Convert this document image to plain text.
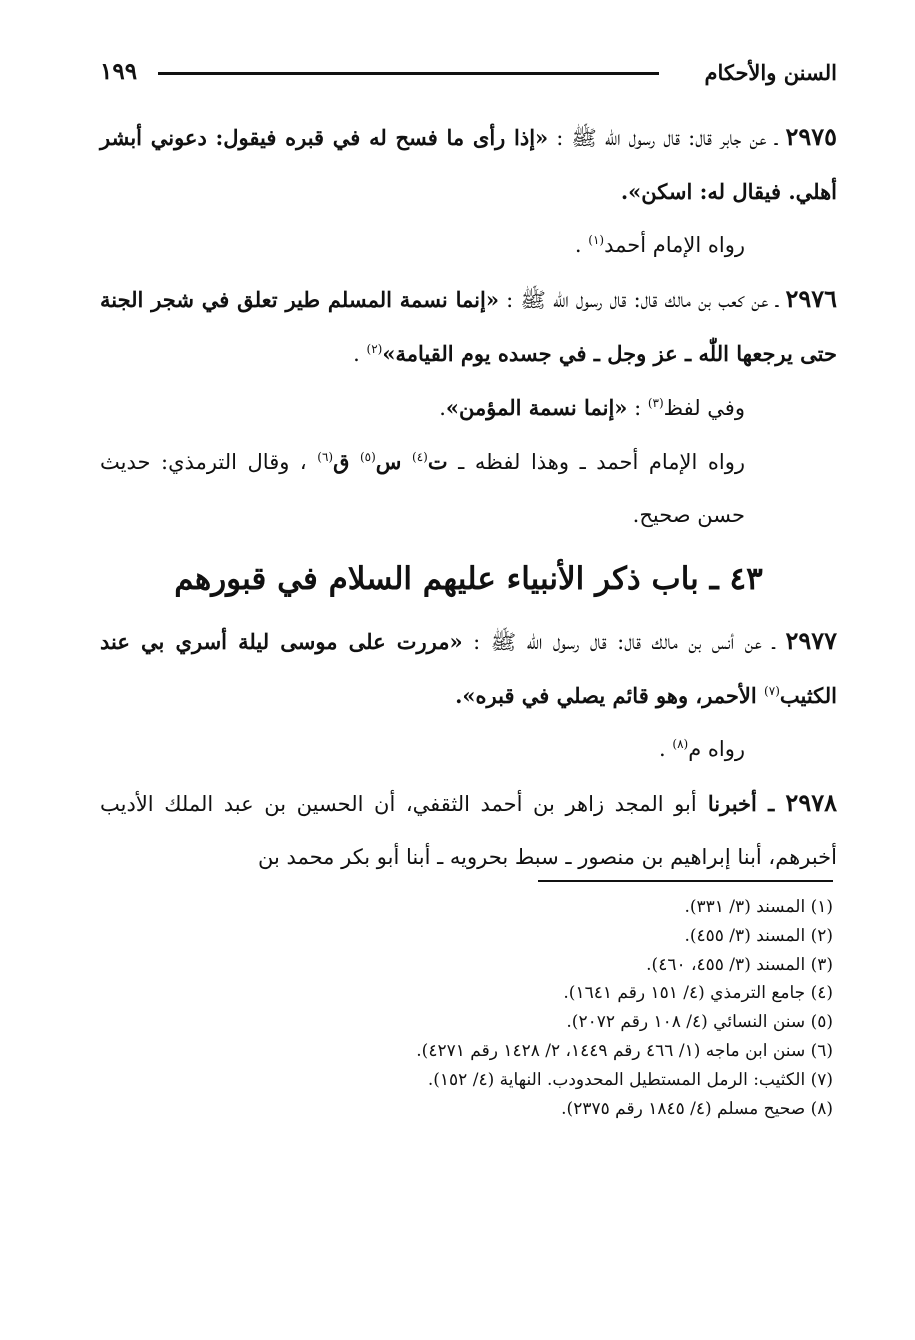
السنن والأحكام
١٩٩

٢٩٧٥ ـ عن جابر قال: قال رسول اللّٰه ﷺ : «إذا رأى ما فسح له في قبره فيقول: دعوني أبشر أهلي. فيقال له: اسكن».

رواه الإمام أحمد$^{(١)}$ .

٢٩٧٦ ـ عن كعب بن مالك قال: قال رسول اللّٰه ﷺ : «إنما نسمة المسلم طير تعلق في شجر الجنة حتى يرجعها اللّٰه ـ عز وجل ـ في جسده يوم القيامة»$^{(٢)}$ .

وفي لفظ$^{(٣)}$ : «إنما نسمة المؤمن».

رواه الإمام أحمد ـ وهذا لفظه ـ ت$^{(٤)}$ س$^{(٥)}$ ق$^{(٦)}$ ، وقال الترمذي: حديث حسن صحيح.

٤٣ ـ باب ذكر الأنبياء عليهم السلام في قبورهم

٢٩٧٧ ـ عن أنس بن مالك قال: قال رسول اللّٰه ﷺ : «مررت على موسى ليلة أسري بي عند الكثيب$^{(٧)}$ الأحمر، وهو قائم يصلي في قبره».

رواه م$^{(٨)}$ .

٢٩٧٨ ـ أخبرنا أبو المجد زاهر بن أحمد الثقفي، أن الحسين بن عبد الملك الأديب أخبرهم، أبنا إبراهيم بن منصور ـ سبط بحرويه ـ أبنا أبو بكر محمد بن

(١) المسند (٣/ ٣٣١).

(٢) المسند (٣/ ٤٥٥).

(٣) المسند (٣/ ٤٥٥، ٤٦٠).

(٤) جامع الترمذي (٤/ ١٥١ رقم ١٦٤١).

(٥) سنن النسائي (٤/ ١٠٨ رقم ٢٠٧٢).

(٦) سنن ابن ماجه (١/ ٤٦٦ رقم ١٤٤٩، ٢/ ١٤٢٨ رقم ٤٢٧١).

(٧) الكثيب: الرمل المستطيل المحدودب. النهاية (٤/ ١٥٢).

(٨) صحيح مسلم (٤/ ١٨٤٥ رقم ٢٣٧٥).
